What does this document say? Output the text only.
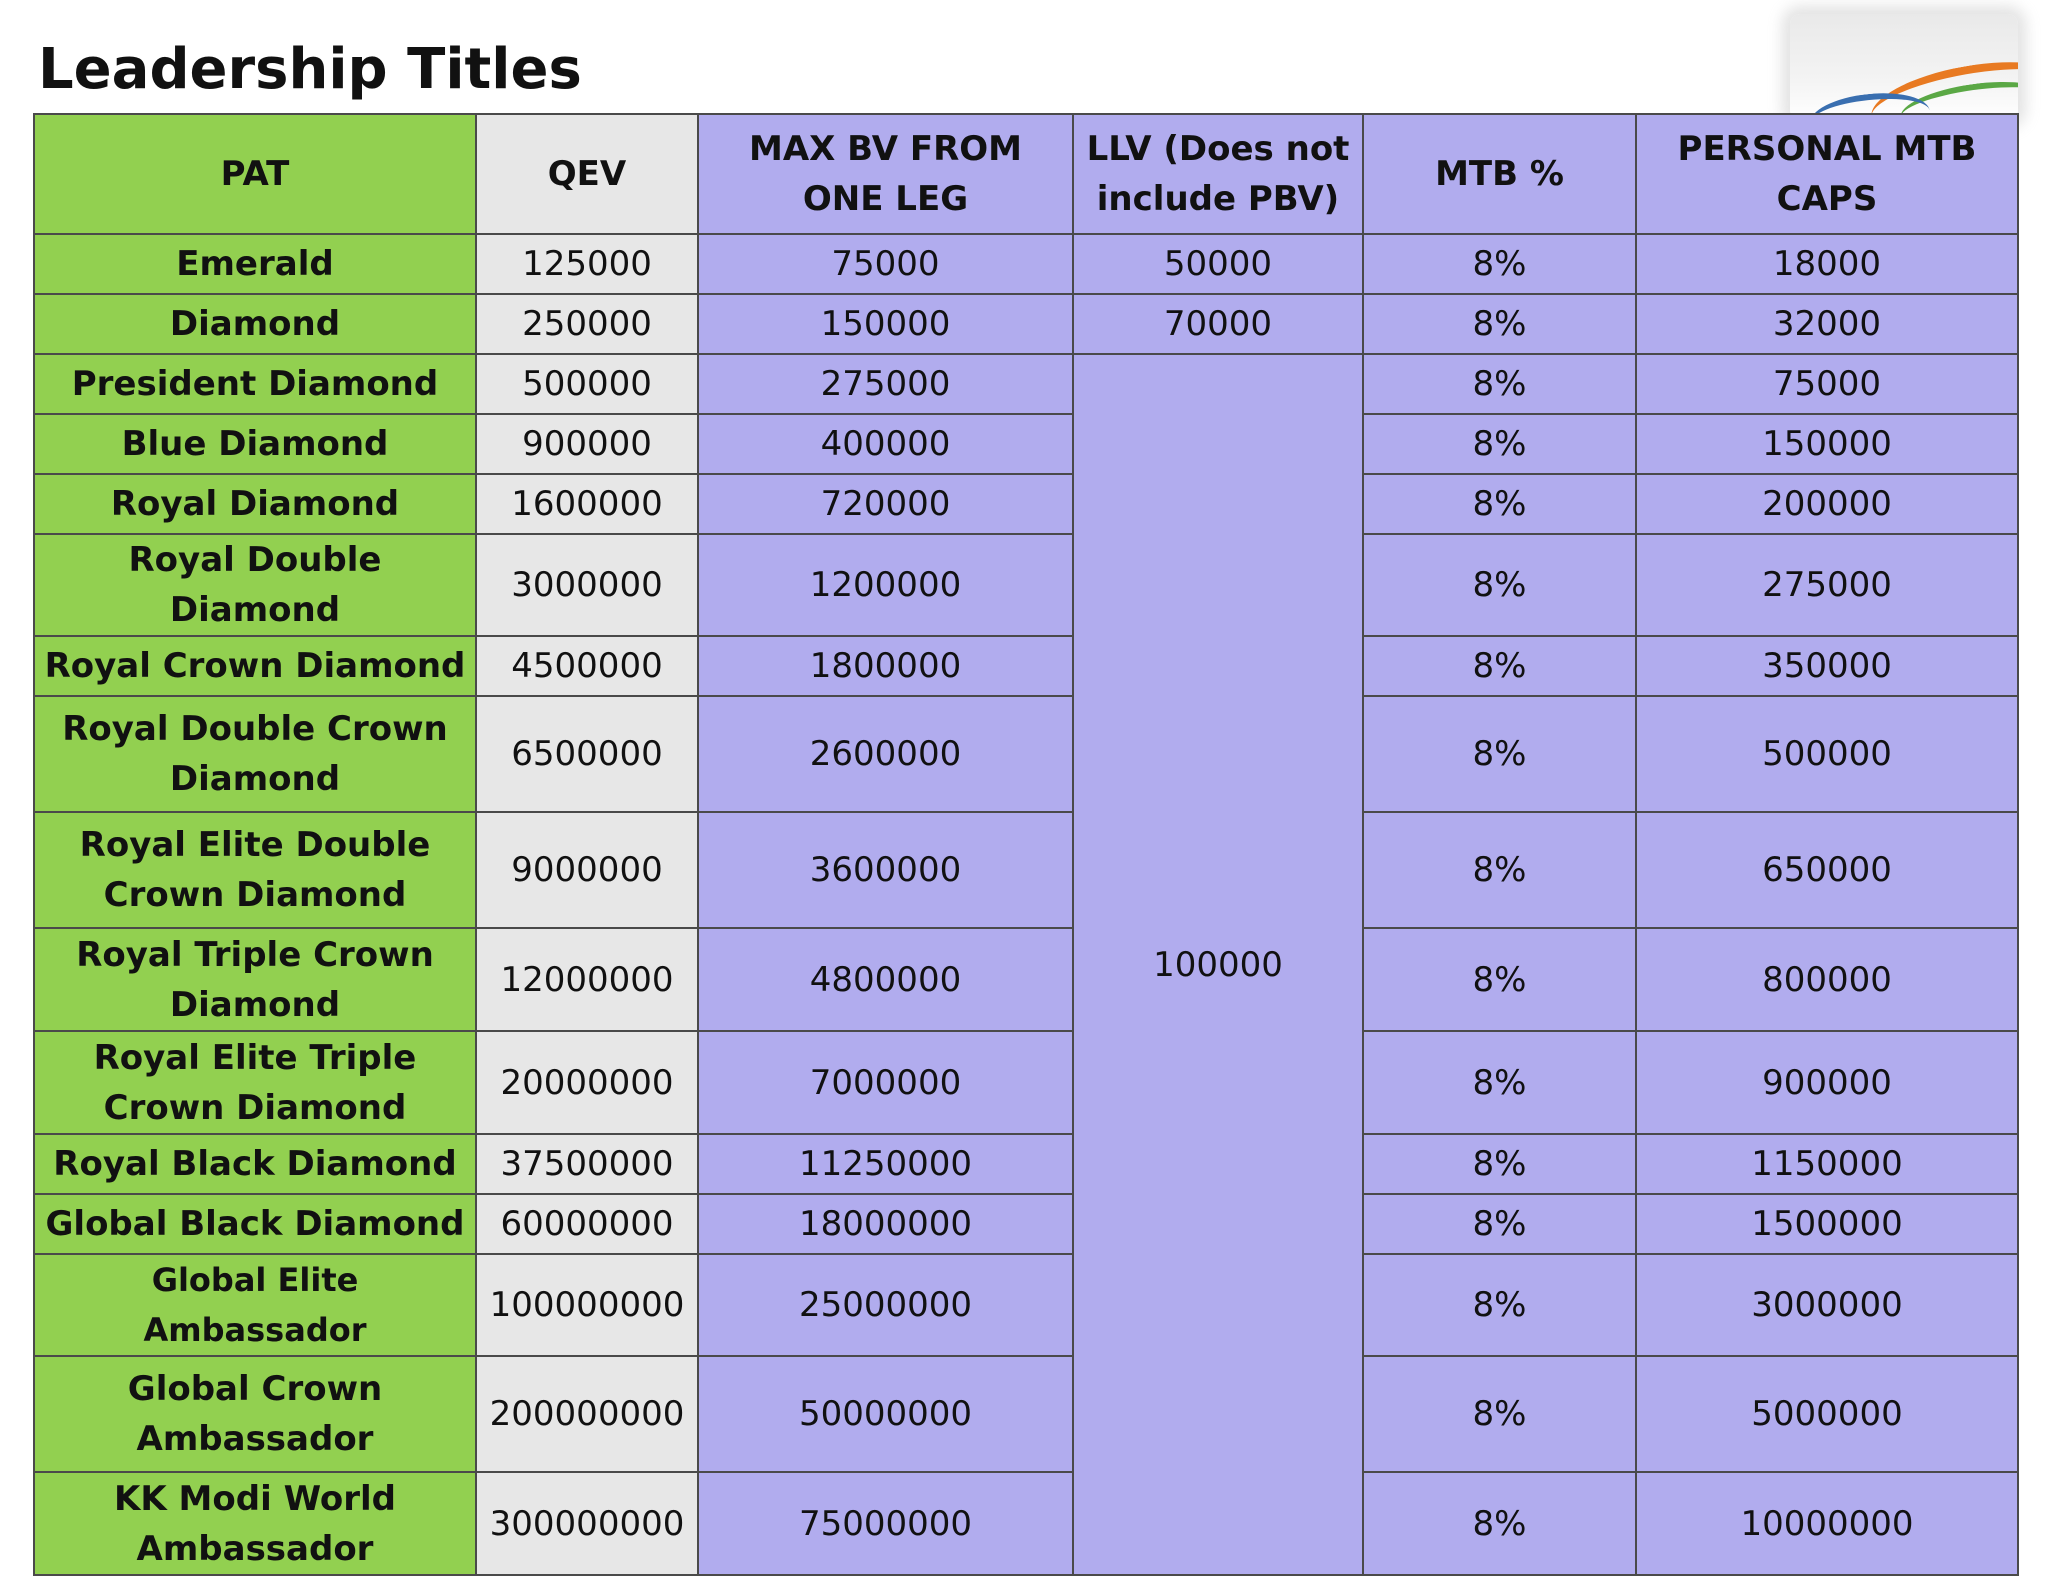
Leadership Titles
PAT	QEV	MAX BV FROM ONE LEG	LLV (Does not include PBV)	MTB %	PERSONAL MTB CAPS
Emerald	125000	75000	50000	8%	18000
Diamond	250000	150000	70000	8%	32000
President Diamond	500000	275000	100000	8%	75000
Blue Diamond	900000	400000		8%	150000
Royal Diamond	1600000	720000		8%	200000
Royal Double Diamond	3000000	1200000		8%	275000
Royal Crown Diamond	4500000	1800000		8%	350000
Royal Double Crown Diamond	6500000	2600000		8%	500000
Royal Elite Double Crown Diamond	9000000	3600000		8%	650000
Royal Triple Crown Diamond	12000000	4800000		8%	800000
Royal Elite Triple Crown Diamond	20000000	7000000		8%	900000
Royal Black Diamond	37500000	11250000		8%	1150000
Global Black Diamond	60000000	18000000		8%	1500000
Global Elite Ambassador	100000000	25000000		8%	3000000
Global Crown Ambassador	200000000	50000000		8%	5000000
KK Modi World Ambassador	300000000	75000000		8%	10000000
